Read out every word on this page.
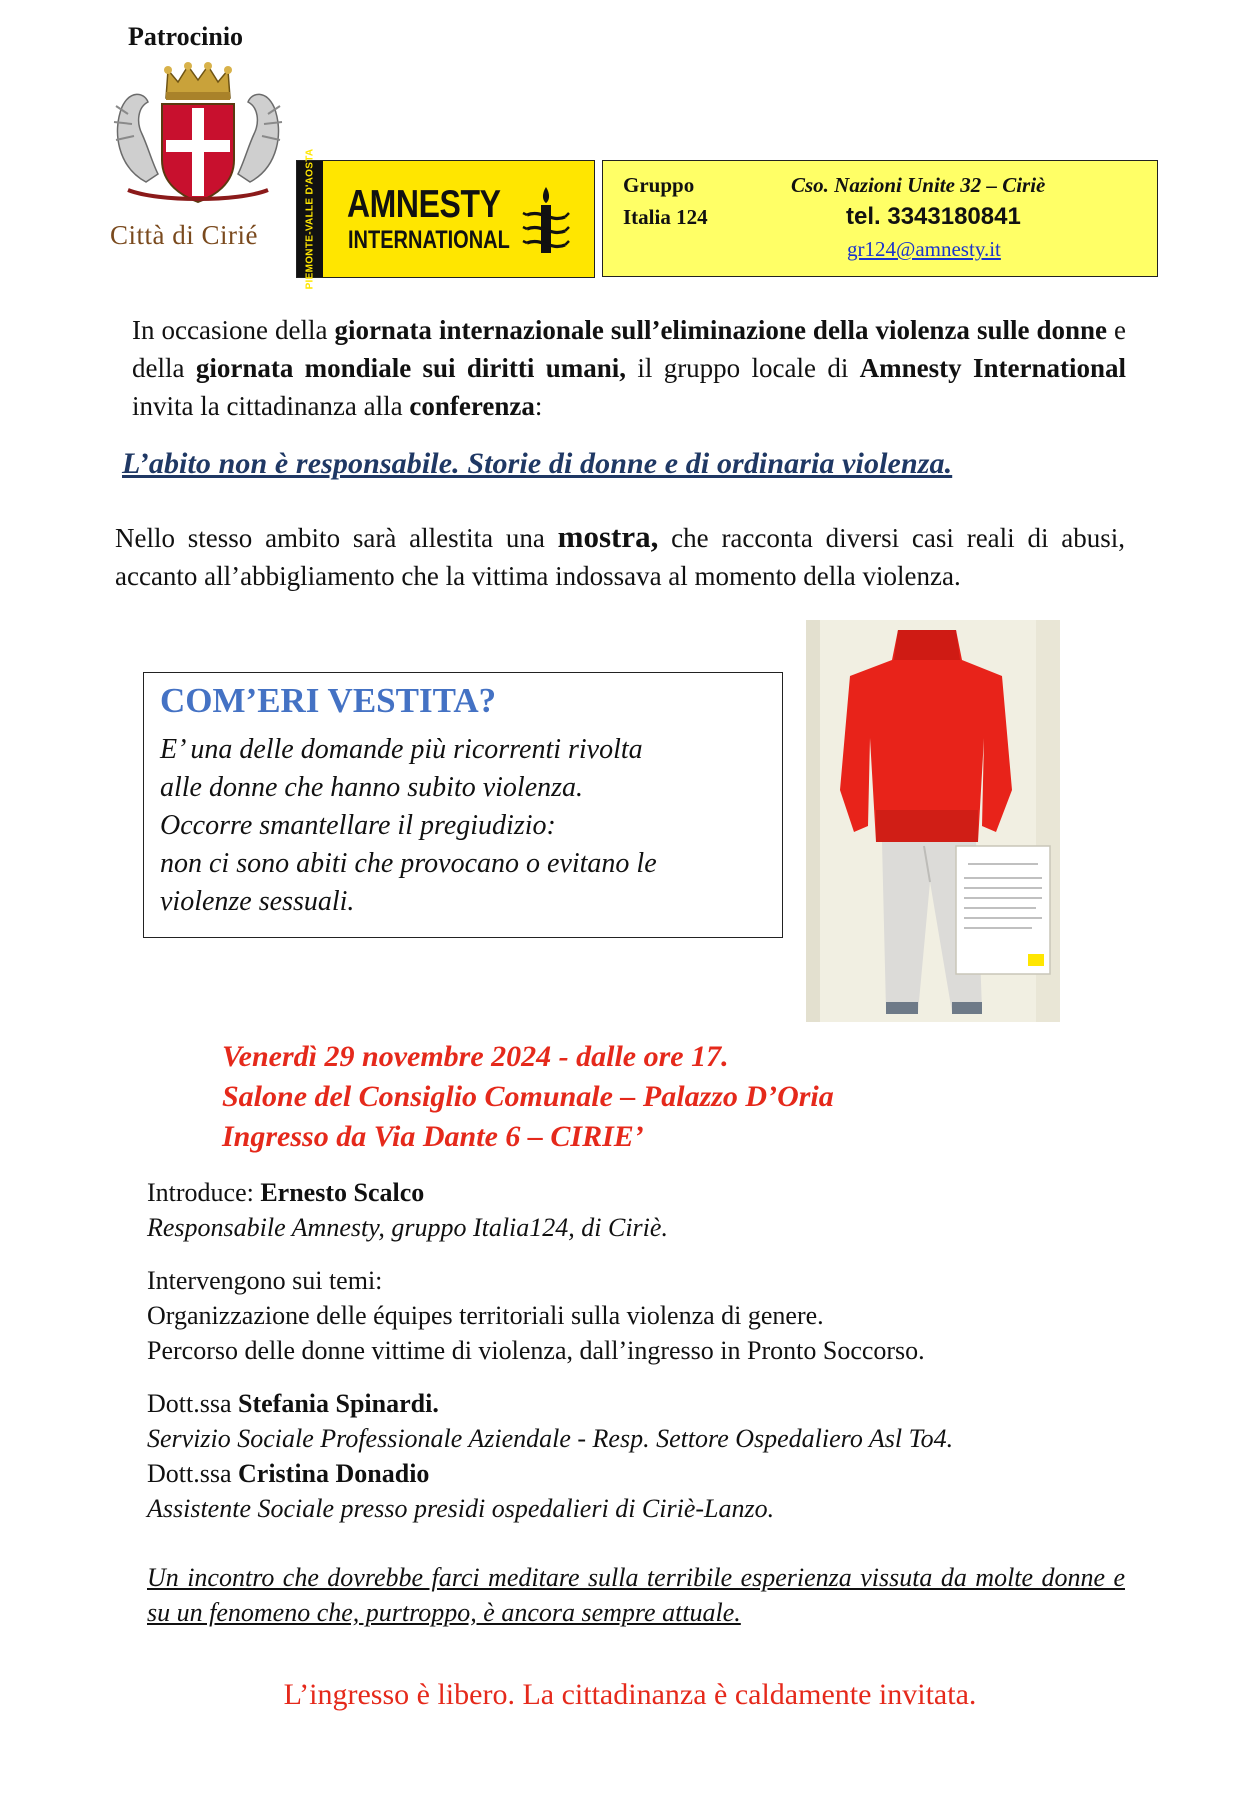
Patrocinio
Città di Cirié	PIEMONTE-VALLE D'AOSTA AMNESTY
INTERNATIONAL
Gruppo
Italia 124
Cso. Nazioni Unite 32 – Ciriè
tel. 3343180841
gr124@amnesty.it
In occasione della giornata internazionale sull’eliminazione della violenza sulle donne e della giornata mondiale sui diritti umani, il gruppo locale di Amnesty International invita la cittadinanza alla conferenza:
L’abito non è responsabile. Storie di donne e di ordinaria violenza.
Nello stesso ambito sarà allestita una mostra, che racconta diversi casi reali di abusi, accanto all’abbigliamento che la vittima indossava al momento della violenza.
COM’ERI VESTITA?
E’ una delle domande più ricorrenti rivolta
alle donne che hanno subito violenza.
Occorre smantellare il pregiudizio:
non ci sono abiti che provocano o evitano le
violenze sessuali.
Venerdì 29 novembre 2024 - dalle ore 17.
Salone del Consiglio Comunale – Palazzo D’Oria
Ingresso da Via Dante 6 – CIRIE’
Introduce: Ernesto Scalco
Responsabile Amnesty, gruppo Italia124, di Ciriè.
Intervengono sui temi:
Organizzazione delle équipes territoriali sulla violenza di genere.
Percorso delle donne vittime di violenza, dall’ingresso in Pronto Soccorso.
Dott.ssa Stefania Spinardi.
Servizio Sociale Professionale Aziendale - Resp. Settore Ospedaliero Asl To4.
Dott.ssa Cristina Donadio
Assistente Sociale presso presidi ospedalieri di Ciriè-Lanzo.
Un incontro che dovrebbe farci meditare sulla terribile esperienza vissuta da molte donne e su un fenomeno che, purtroppo, è ancora sempre attuale.
L’ingresso è libero. La cittadinanza è caldamente invitata.
